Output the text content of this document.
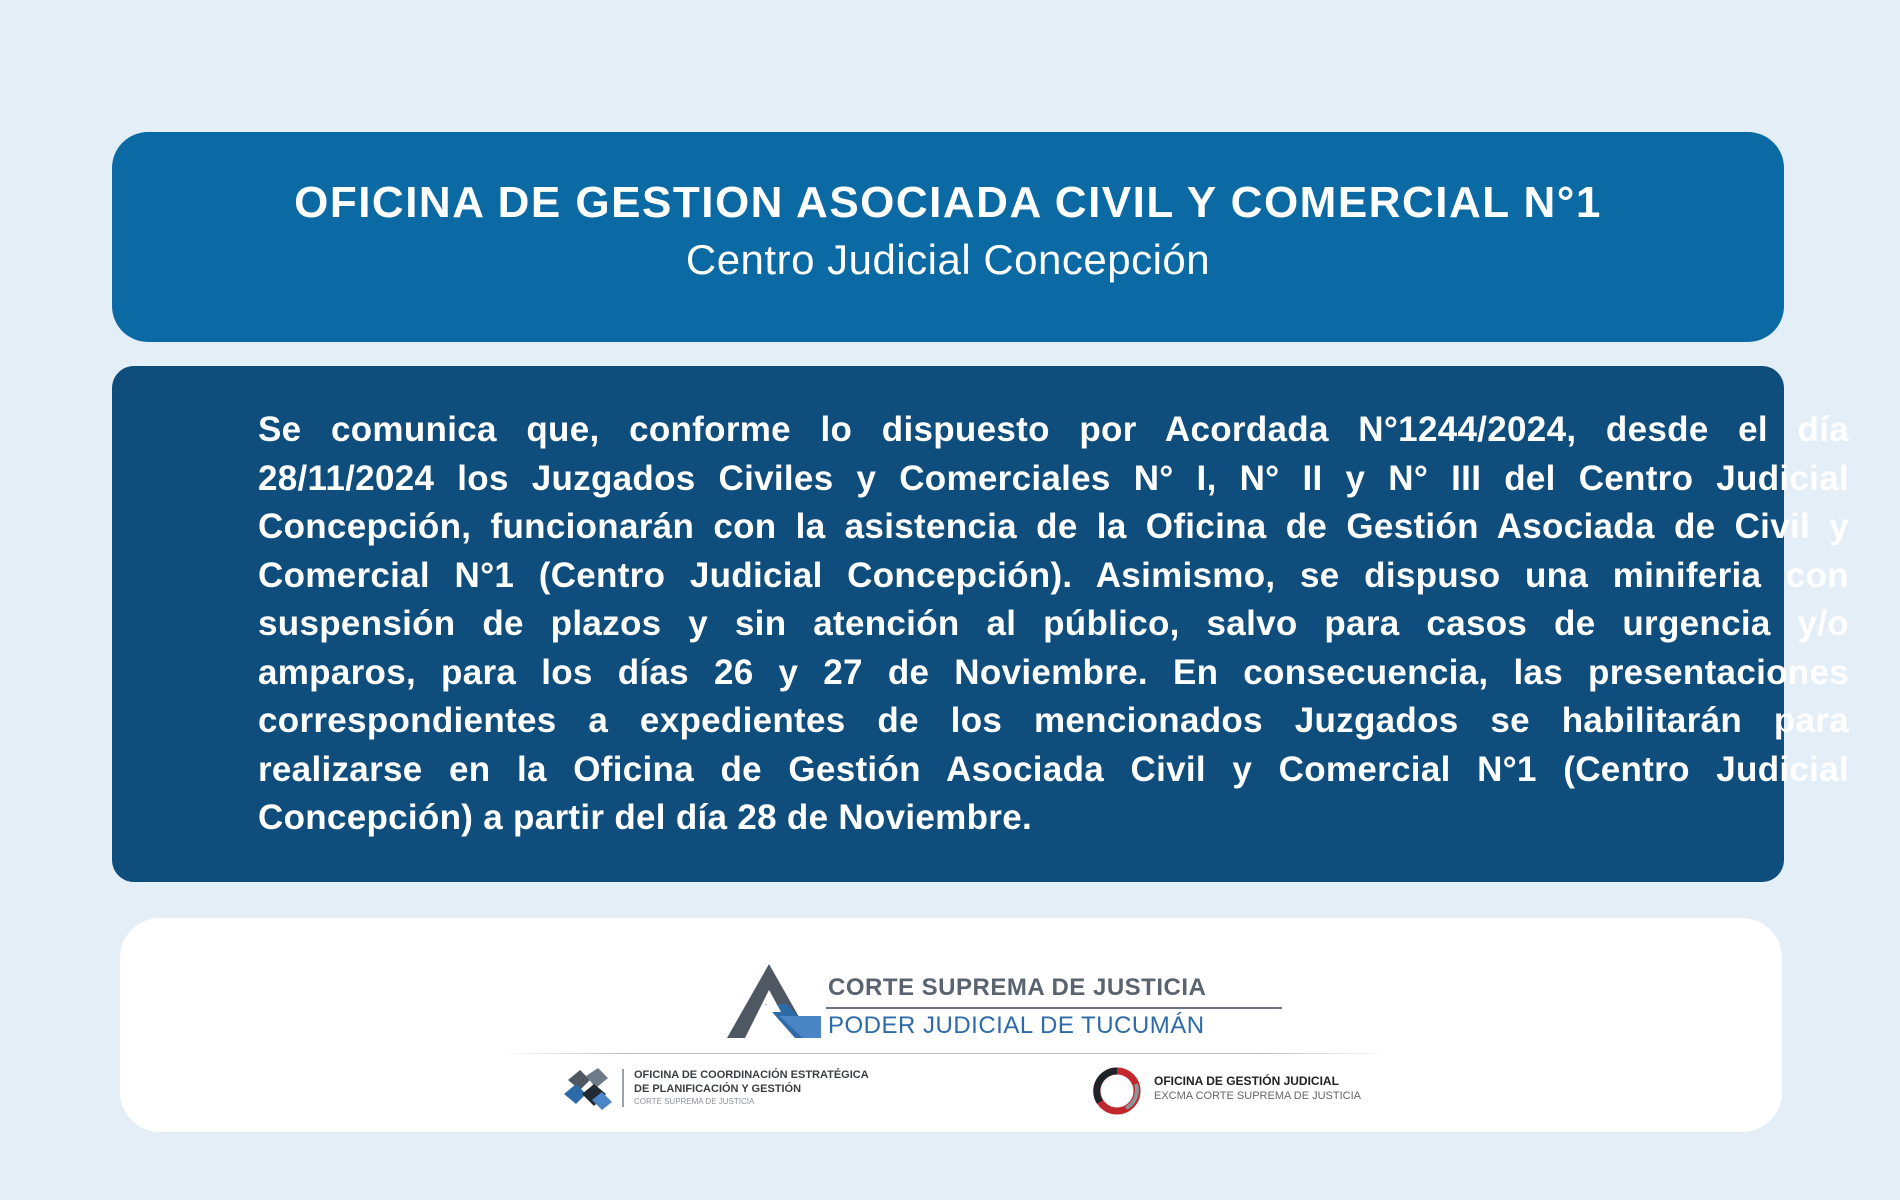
OFICINA DE GESTION ASOCIADA CIVIL Y COMERCIAL N°1
Centro Judicial Concepción
Se comunica que, conforme lo dispuesto por Acordada N°1244/2024, desde el día
28/11/2024 los Juzgados Civiles y Comerciales N° I, N° II y N° III del Centro Judicial
Concepción, funcionarán con la asistencia de la Oficina de Gestión Asociada de Civil y
Comercial N°1 (Centro Judicial Concepción). Asimismo, se dispuso una miniferia con
suspensión de plazos y sin atención al público, salvo para casos de urgencia y/o
amparos, para los días 26 y 27 de Noviembre. En consecuencia, las presentaciones
correspondientes a expedientes de los mencionados Juzgados se habilitarán para
realizarse en la Oficina de Gestión Asociada Civil y Comercial N°1 (Centro Judicial
Concepción) a partir del día 28 de Noviembre.
CORTE SUPREMA DE JUSTICIA
PODER JUDICIAL DE TUCUMÁN
OFICINA DE COORDINACIÓN ESTRATÉGICA
DE PLANIFICACIÓN Y GESTIÓN
CORTE SUPREMA DE JUSTICIA
OFICINA DE GESTIÓN JUDICIAL
EXCMA CORTE SUPREMA DE JUSTICIA
